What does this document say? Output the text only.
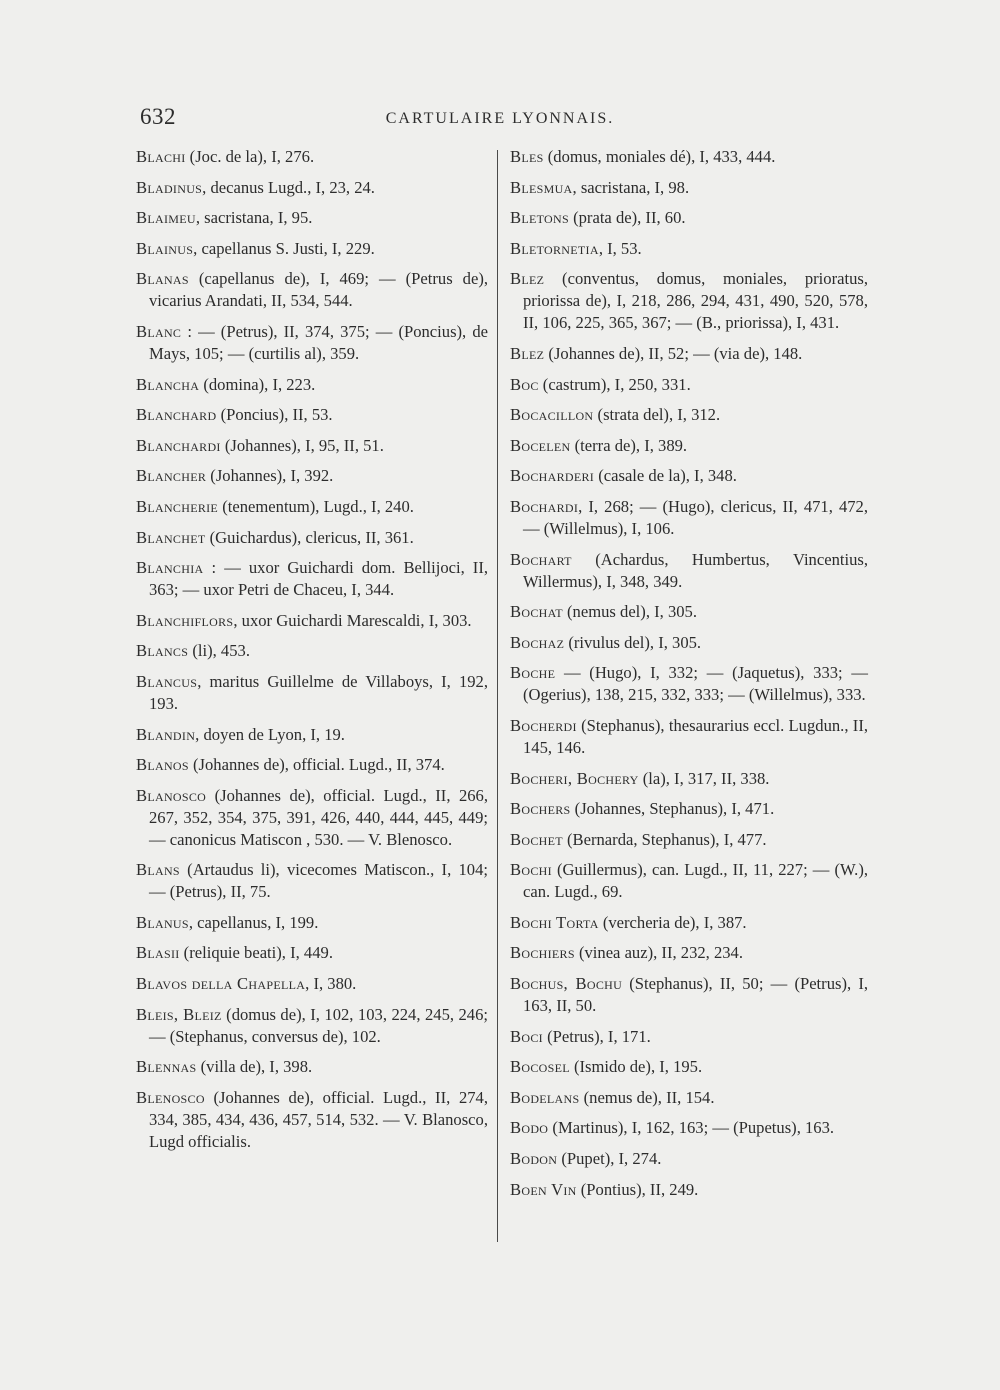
632	CARTULAIRE LYONNAIS.
Blachi (Joc. de la), I, 276.
Bladinus, decanus Lugd., I, 23, 24.
Blaimeu, sacristana, I, 95.
Blainus, capellanus S. Justi, I, 229.
Blanas (capellanus de), I, 469; — (Petrus de), vicarius Arandati, II, 534, 544.
Blanc : — (Petrus), II, 374, 375; — (Poncius), de Mays, 105; — (curtilis al), 359.
Blancha (domina), I, 223.
Blanchard (Poncius), II, 53.
Blanchardi (Johannes), I, 95, II, 51.
Blancher (Johannes), I, 392.
Blancherie (tenementum), Lugd., I, 240.
Blanchet (Guichardus), clericus, II, 361.
Blanchia : — uxor Guichardi dom. Bellijoci, II, 363; — uxor Petri de Chaceu, I, 344.
Blanchiflors, uxor Guichardi Marescaldi, I, 303.
Blancs (li), 453.
Blancus, maritus Guillelme de Villaboys, I, 192, 193.
Blandin, doyen de Lyon, I, 19.
Blanos (Johannes de), official. Lugd., II, 374.
Blanosco (Johannes de), official. Lugd., II, 266, 267, 352, 354, 375, 391, 426, 440, 444, 445, 449; — canonicus Matiscon , 530. — V. Blenosco.
Blans (Artaudus li), vicecomes Matiscon., I, 104; — (Petrus), II, 75.
Blanus, capellanus, I, 199.
Blasii (reliquie beati), I, 449.
Blavos della Chapella, I, 380.
Bleis, Bleiz (domus de), I, 102, 103, 224, 245, 246; — (Stephanus, conversus de), 102.
Blennas (villa de), I, 398.
Blenosco (Johannes de), official. Lugd., II, 274, 334, 385, 434, 436, 457, 514, 532. — V. Blanosco, Lugd officialis.
Bles (domus, moniales dé), I, 433, 444.
Blesmua, sacristana, I, 98.
Bletons (prata de), II, 60.
Bletornetia, I, 53.
Blez (conventus, domus, moniales, prioratus, priorissa de), I, 218, 286, 294, 431, 490, 520, 578, II, 106, 225, 365, 367; — (B., priorissa), I, 431.
Blez (Johannes de), II, 52; — (via de), 148.
Boc (castrum), I, 250, 331.
Bocacillon (strata del), I, 312.
Bocelen (terra de), I, 389.
Bocharderi (casale de la), I, 348.
Bochardi, I, 268; — (Hugo), clericus, II, 471, 472, — (Willelmus), I, 106.
Bochart (Achardus, Humbertus, Vincentius, Willermus), I, 348, 349.
Bochat (nemus del), I, 305.
Bochaz (rivulus del), I, 305.
Boche — (Hugo), I, 332; — (Jaquetus), 333; — (Ogerius), 138, 215, 332, 333; — (Willelmus), 333.
Bocherdi (Stephanus), thesaurarius eccl. Lugdun., II, 145, 146.
Bocheri, Bochery (la), I, 317, II, 338.
Bochers (Johannes, Stephanus), I, 471.
Bochet (Bernarda, Stephanus), I, 477.
Bochi (Guillermus), can. Lugd., II, 11, 227; — (W.), can. Lugd., 69.
Bochi Torta (vercheria de), I, 387.
Bochiers (vinea auz), II, 232, 234.
Bochus, Bochu (Stephanus), II, 50; — (Petrus), I, 163, II, 50.
Boci (Petrus), I, 171.
Bocosel (Ismido de), I, 195.
Bodelans (nemus de), II, 154.
Bodo (Martinus), I, 162, 163; — (Pupetus), 163.
Bodon (Pupet), I, 274.
Boen Vin (Pontius), II, 249.
